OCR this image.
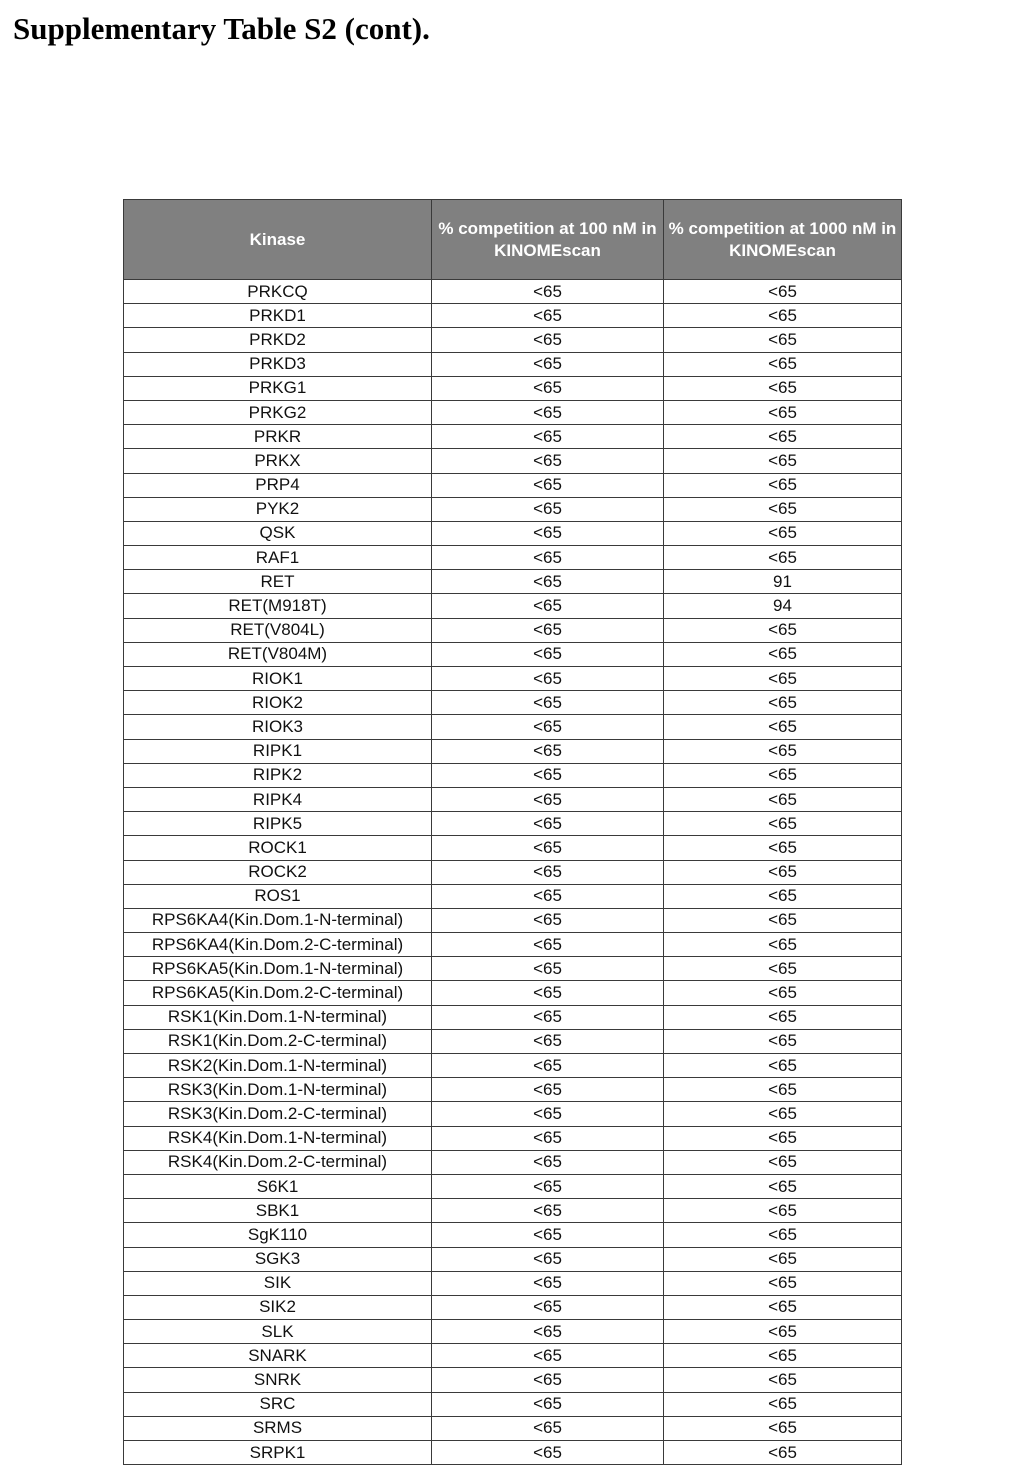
Supplementary Table S2 (cont).
Kinase	% competition at 100 nM in KINOMEscan	% competition at 1000 nM in KINOMEscan
PRKCQ	<65	<65
PRKD1	<65	<65
PRKD2	<65	<65
PRKD3	<65	<65
PRKG1	<65	<65
PRKG2	<65	<65
PRKR	<65	<65
PRKX	<65	<65
PRP4	<65	<65
PYK2	<65	<65
QSK	<65	<65
RAF1	<65	<65
RET	<65	91
RET(M918T)	<65	94
RET(V804L)	<65	<65
RET(V804M)	<65	<65
RIOK1	<65	<65
RIOK2	<65	<65
RIOK3	<65	<65
RIPK1	<65	<65
RIPK2	<65	<65
RIPK4	<65	<65
RIPK5	<65	<65
ROCK1	<65	<65
ROCK2	<65	<65
ROS1	<65	<65
RPS6KA4(Kin.Dom.1-N-terminal)	<65	<65
RPS6KA4(Kin.Dom.2-C-terminal)	<65	<65
RPS6KA5(Kin.Dom.1-N-terminal)	<65	<65
RPS6KA5(Kin.Dom.2-C-terminal)	<65	<65
RSK1(Kin.Dom.1-N-terminal)	<65	<65
RSK1(Kin.Dom.2-C-terminal)	<65	<65
RSK2(Kin.Dom.1-N-terminal)	<65	<65
RSK3(Kin.Dom.1-N-terminal)	<65	<65
RSK3(Kin.Dom.2-C-terminal)	<65	<65
RSK4(Kin.Dom.1-N-terminal)	<65	<65
RSK4(Kin.Dom.2-C-terminal)	<65	<65
S6K1	<65	<65
SBK1	<65	<65
SgK110	<65	<65
SGK3	<65	<65
SIK	<65	<65
SIK2	<65	<65
SLK	<65	<65
SNARK	<65	<65
SNRK	<65	<65
SRC	<65	<65
SRMS	<65	<65
SRPK1	<65	<65
